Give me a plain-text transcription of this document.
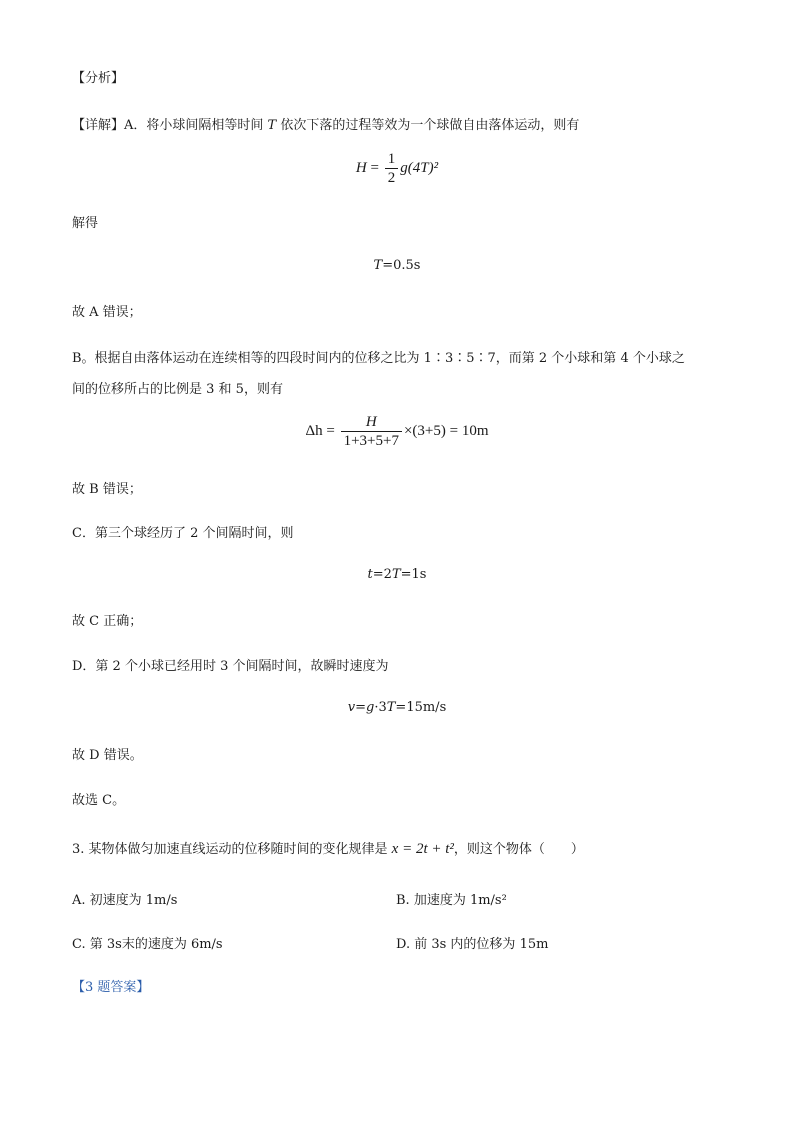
【分析】
【详解】A．将小球间隔相等时间 T 依次下落的过程等效为一个球做自由落体运动，则有
$H = \frac{1}{2} g(4T)^2$
解得
T=0.5s
故 A 错误；
B。根据自由落体运动在连续相等的四段时间内的位移之比为 1∶3∶5∶7，而第 2 个小球和第 4 个小球之
间的位移所占的比例是 3 和 5，则有
$\Delta h = \frac{H}{1+3+5+7} \times(3+5) = 10m$
故 B 错误；
C．第三个球经历了 2 个间隔时间，则
t=2T=1s
故 C 正确；
D．第 2 个小球已经用时 3 个间隔时间，故瞬时速度为
v=g·3T=15m/s
故 D 错误。
故选 C。
3. 某物体做匀加速直线运动的位移随时间的变化规律是 x = 2t + t²，则这个物体（　　）
A. 初速度为 1m/s	B. 加速度为 1m/s²
C. 第 3s末的速度为 6m/s	D. 前 3s 内的位移为 15m
【3 题答案】
